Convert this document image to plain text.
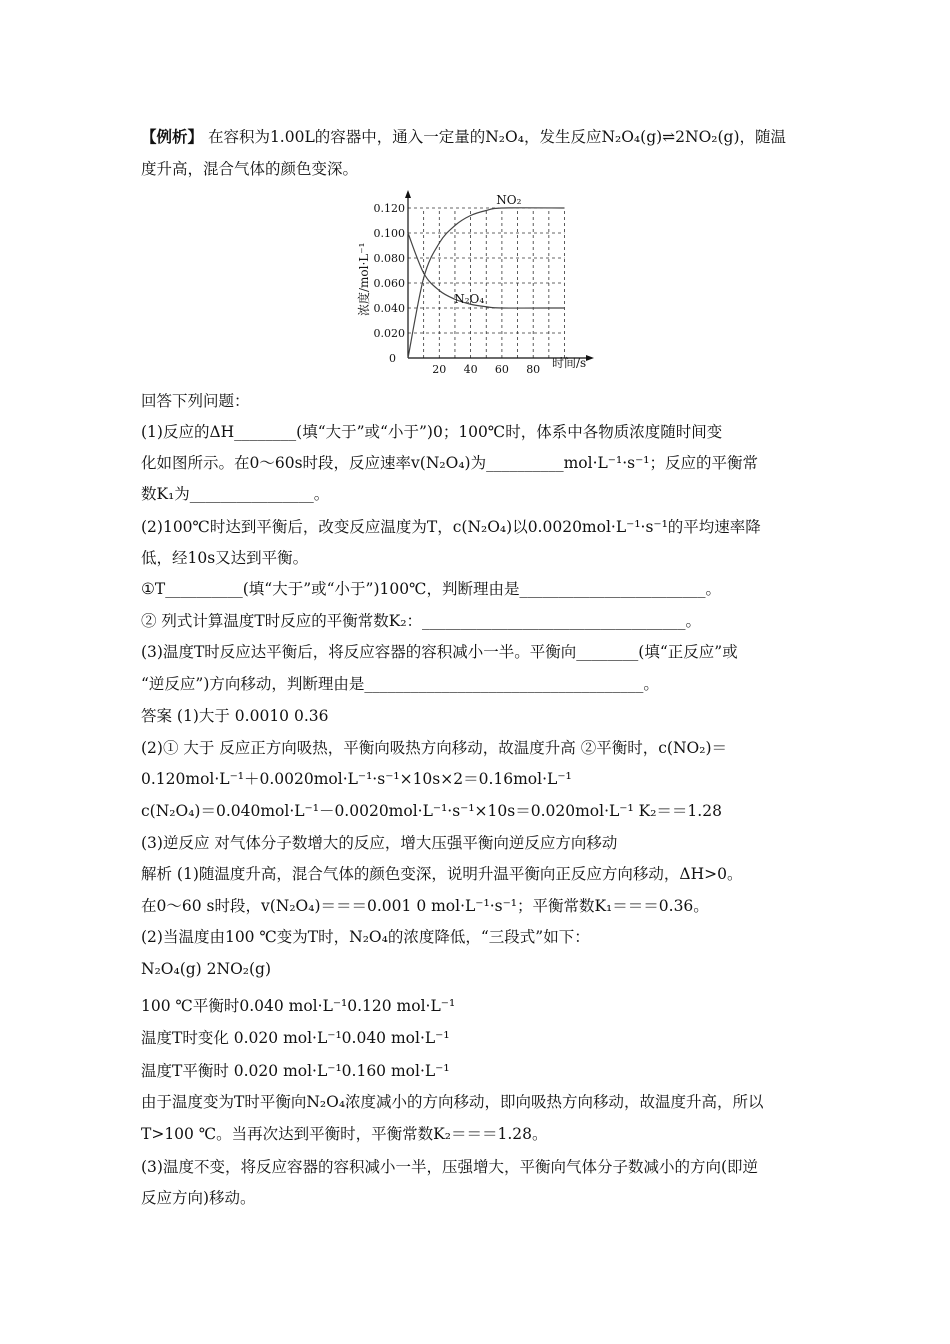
【例析】 在容积为1.00L的容器中，通入一定量的N₂O₄，发生反应N₂O₄(g)⇌2NO₂(g)，随温
度升高，混合气体的颜色变深。
0.020
0.040
0.060
0.080
0.100
0.120
20 40 60 80
0	时间/s
浓度/mol·L⁻¹
NO₂
N₂O₄
回答下列问题：
(1)反应的ΔH________(填“大于”或“小于”)0；100℃时，体系中各物质浓度随时间变
化如图所示。在0～60s时段，反应速率v(N₂O₄)为__________mol·L⁻¹·s⁻¹；反应的平衡常
数K₁为________________。
(2)100℃时达到平衡后，改变反应温度为T，c(N₂O₄)以0.0020mol·L⁻¹·s⁻¹的平均速率降
低，经10s又达到平衡。
①T__________(填“大于”或“小于”)100℃，判断理由是________________________。
② 列式计算温度T时反应的平衡常数K₂：__________________________________。
(3)温度T时反应达平衡后，将反应容器的容积减小一半。平衡向________(填“正反应”或
“逆反应”)方向移动，判断理由是____________________________________。
答案 (1)大于 0.0010 0.36
(2)① 大于 反应正方向吸热，平衡向吸热方向移动，故温度升高 ②平衡时，c(NO₂)＝
0.120mol·L⁻¹＋0.0020mol·L⁻¹·s⁻¹×10s×2＝0.16mol·L⁻¹
c(N₂O₄)＝0.040mol·L⁻¹－0.0020mol·L⁻¹·s⁻¹×10s＝0.020mol·L⁻¹ K₂＝＝1.28
(3)逆反应 对气体分子数增大的反应，增大压强平衡向逆反应方向移动
解析 (1)随温度升高，混合气体的颜色变深，说明升温平衡向正反应方向移动，ΔH>0。
在0～60 s时段，v(N₂O₄)＝＝＝0.001 0 mol·L⁻¹·s⁻¹；平衡常数K₁＝＝＝0.36。
(2)当温度由100 ℃变为T时，N₂O₄的浓度降低，“三段式”如下：
N₂O₄(g) 2NO₂(g)
100 ℃平衡时0.040 mol·L⁻¹0.120 mol·L⁻¹
温度T时变化 0.020 mol·L⁻¹0.040 mol·L⁻¹
温度T平衡时 0.020 mol·L⁻¹0.160 mol·L⁻¹
由于温度变为T时平衡向N₂O₄浓度减小的方向移动，即向吸热方向移动，故温度升高，所以
T>100 ℃。当再次达到平衡时，平衡常数K₂＝＝＝1.28。
(3)温度不变，将反应容器的容积减小一半，压强增大，平衡向气体分子数减小的方向(即逆
反应方向)移动。
